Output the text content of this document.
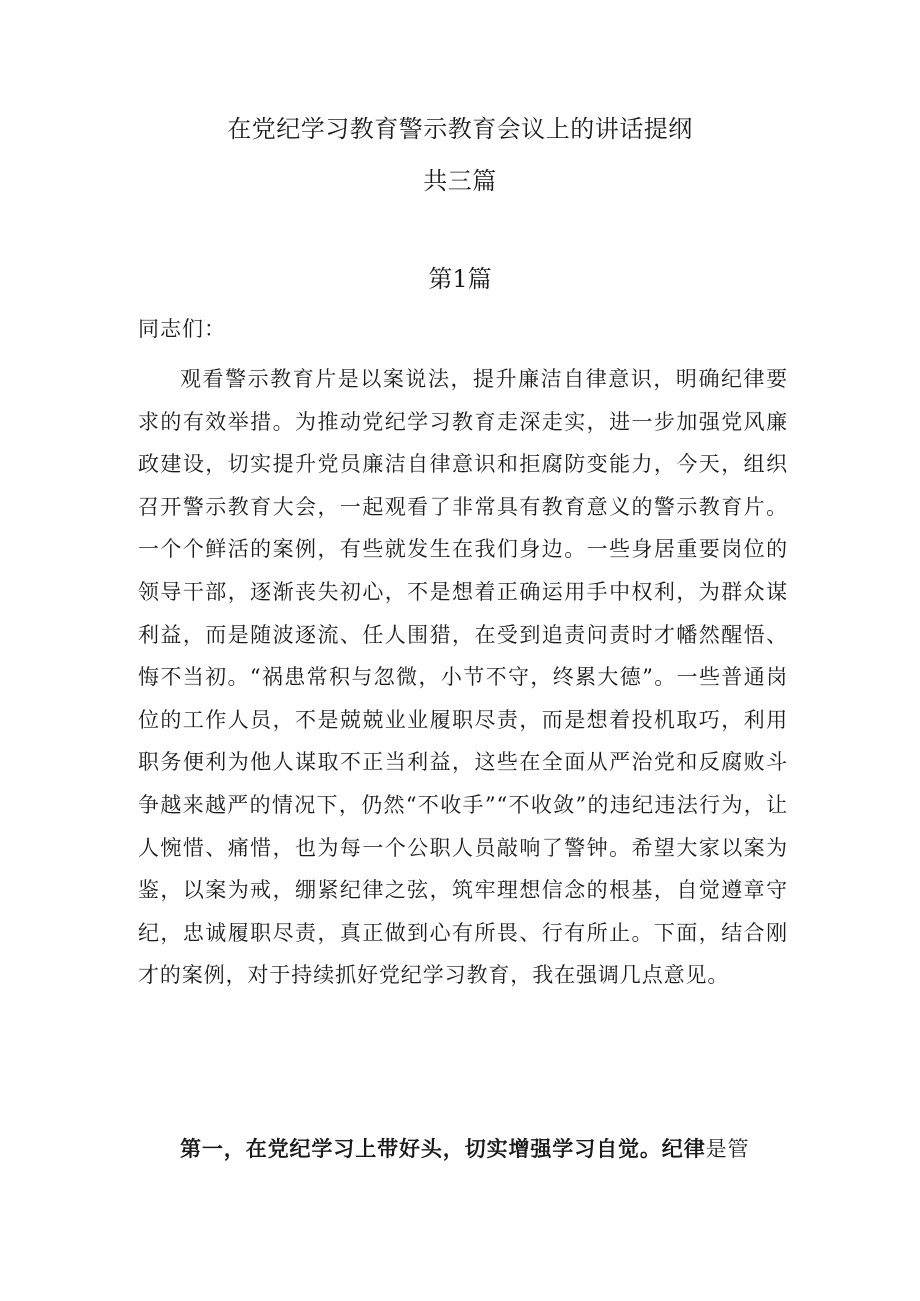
在党纪学习教育警示教育会议上的讲话提纲
共三篇
第1篇
同志们：

观看警示教育片是以案说法，提升廉洁自律意识，明确纪律要求的有效举措。为推动党纪学习教育走深走实，进一步加强党风廉政建设，切实提升党员廉洁自律意识和拒腐防变能力，今天，组织召开警示教育大会，一起观看了非常具有教育意义的警示教育片。一个个鲜活的案例，有些就发生在我们身边。一些身居重要岗位的领导干部，逐渐丧失初心，不是想着正确运用手中权利，为群众谋利益，而是随波逐流、任人围猎，在受到追责问责时才幡然醒悟、悔不当初。“祸患常积与忽微，小节不守，终累大德”。一些普通岗位的工作人员，不是兢兢业业履职尽责，而是想着投机取巧，利用职务便利为他人谋取不正当利益，这些在全面从严治党和反腐败斗争越来越严的情况下，仍然“不收手”“不收敛”的违纪违法行为，让人惋惜、痛惜，也为每一个公职人员敲响了警钟。希望大家以案为鉴，以案为戒，绷紧纪律之弦，筑牢理想信念的根基，自觉遵章守纪，忠诚履职尽责，真正做到心有所畏、行有所止。下面，结合刚才的案例，对于持续抓好党纪学习教育，我在强调几点意见。

第一，在党纪学习上带好头，切实增强学习自觉。纪律是管
